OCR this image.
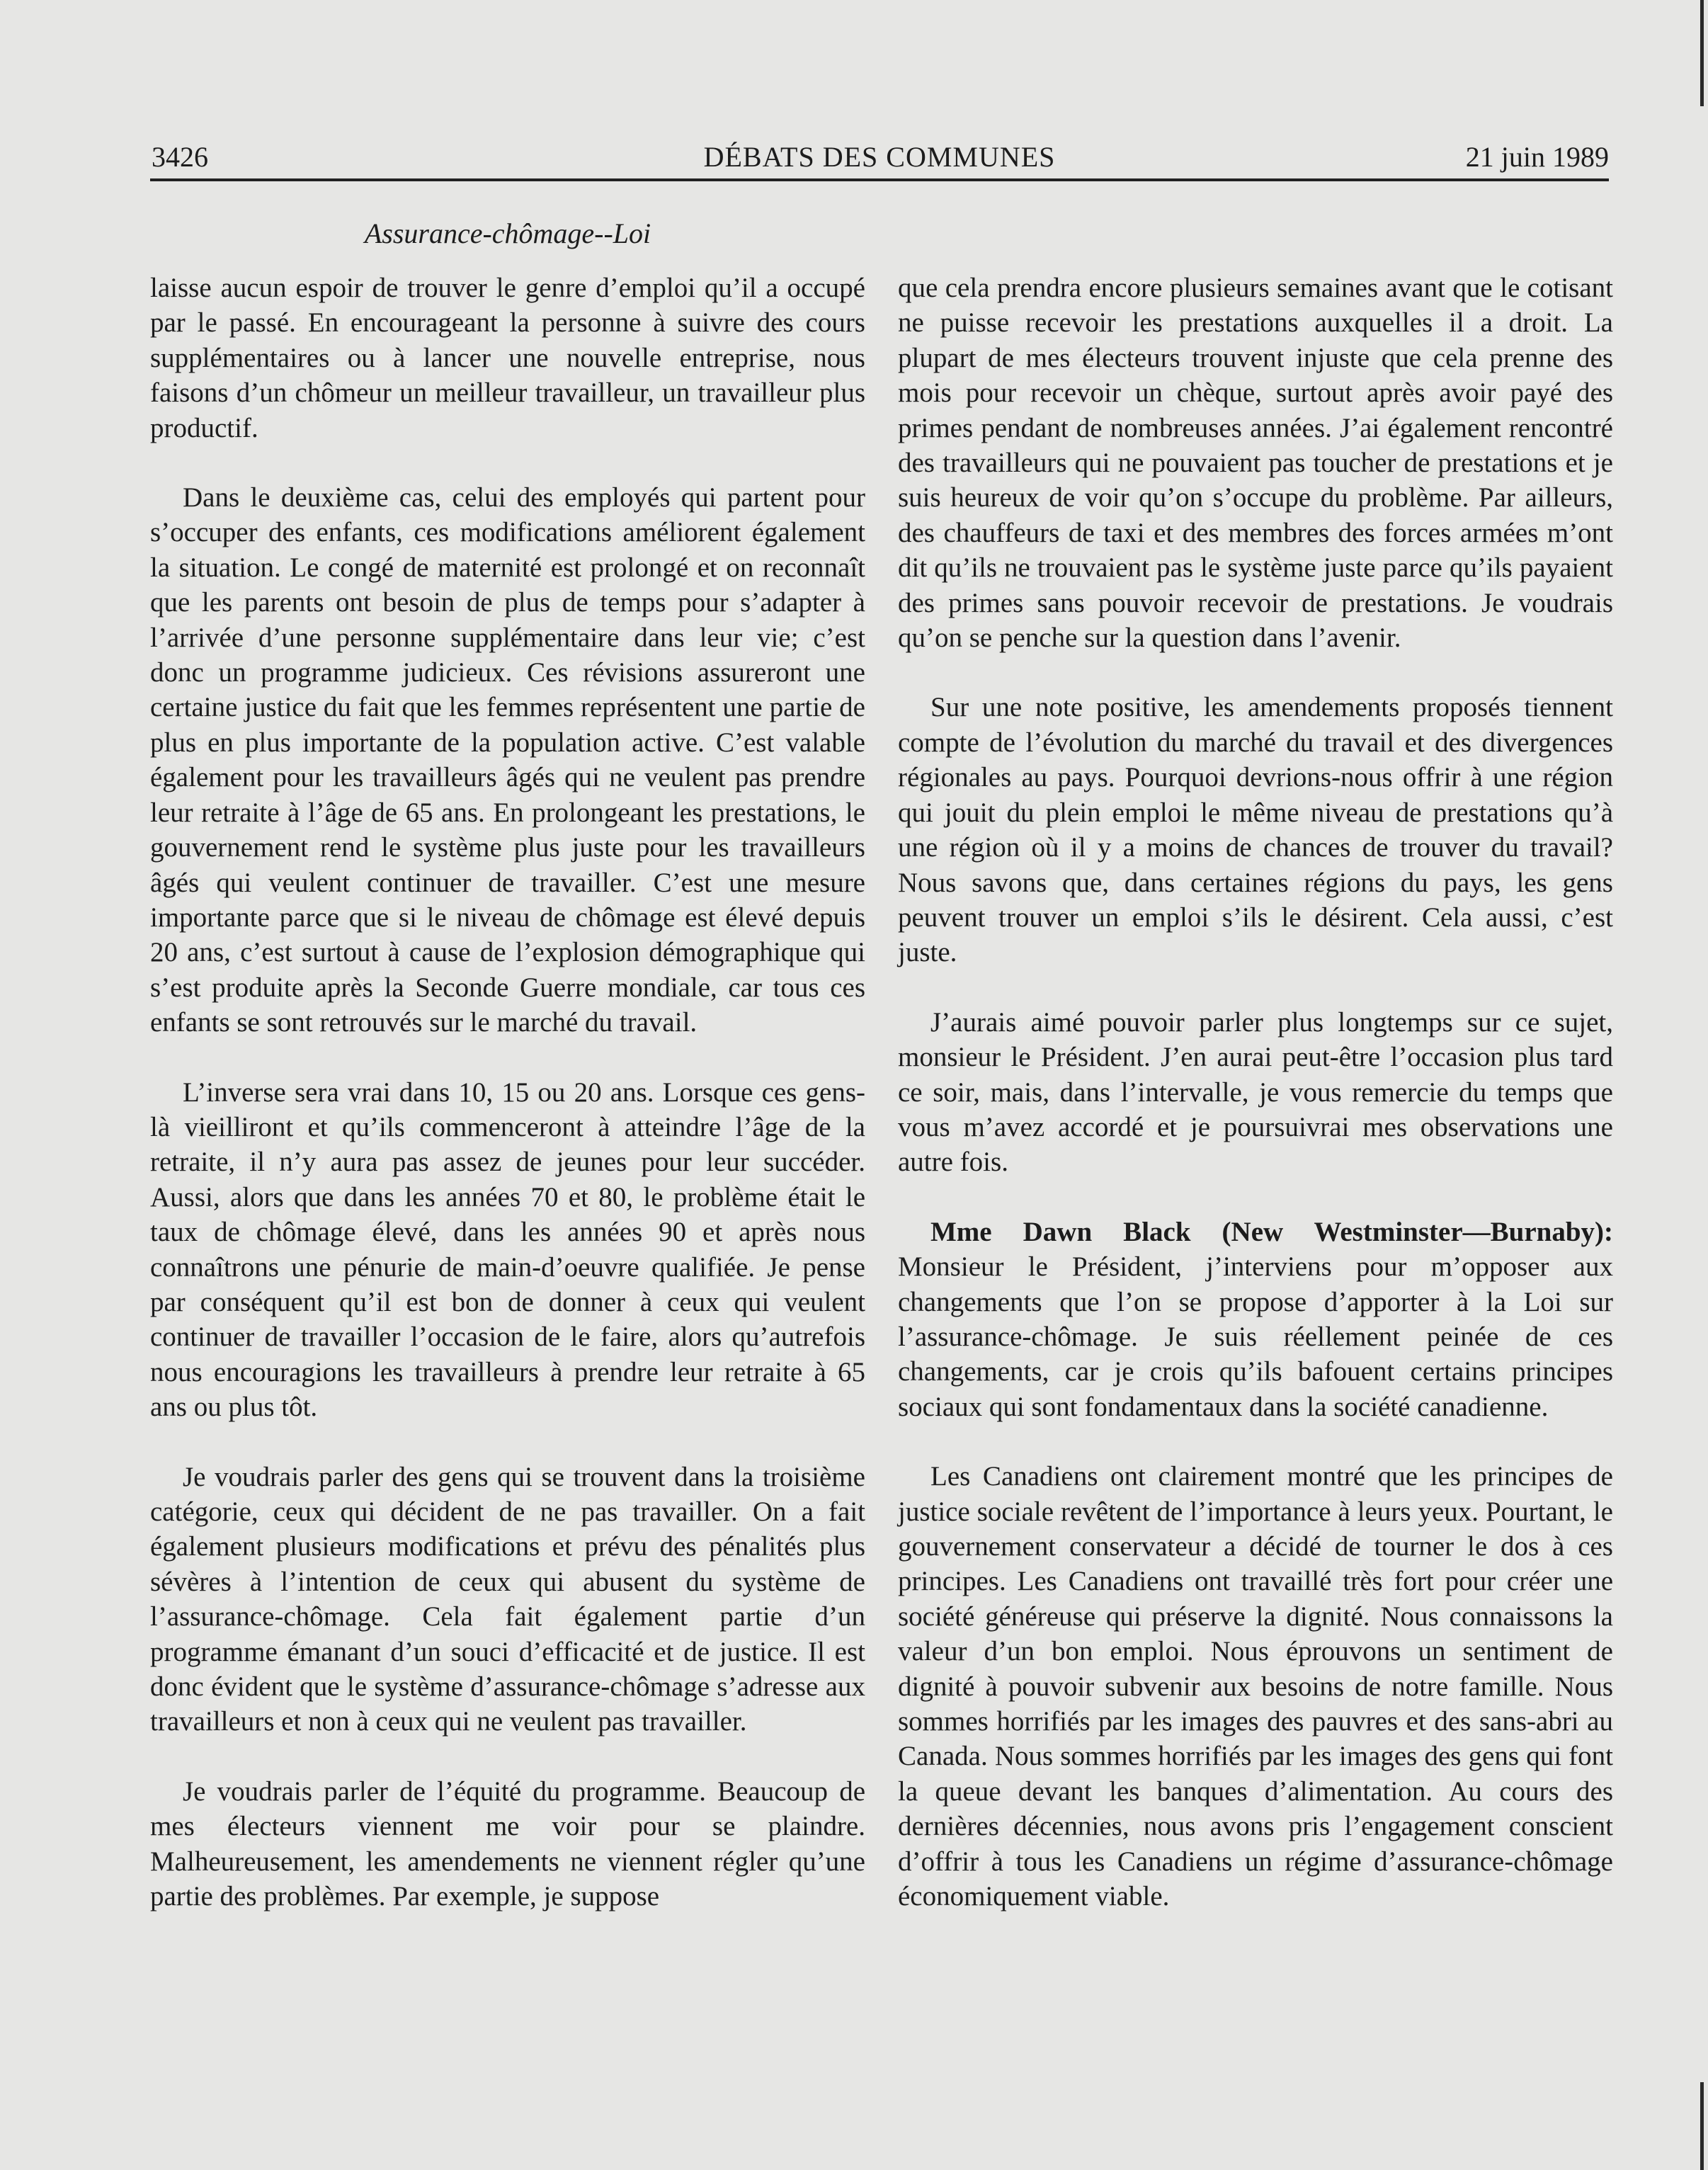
3426	DÉBATS DES COMMUNES	21 juin 1989
Assurance-chômage--Loi

laisse aucun espoir de trouver le genre d’emploi qu’il a occupé par le passé. En encourageant la personne à suivre des cours supplémentaires ou à lancer une nouvelle entreprise, nous faisons d’un chômeur un meilleur travailleur, un travailleur plus productif.

Dans le deuxième cas, celui des employés qui partent pour s’occuper des enfants, ces modifications améliorent également la situation. Le congé de maternité est prolongé et on reconnaît que les parents ont besoin de plus de temps pour s’adapter à l’arrivée d’une personne supplémentaire dans leur vie; c’est donc un programme judicieux. Ces révisions assureront une certaine justice du fait que les femmes représentent une partie de plus en plus importante de la population active. C’est valable également pour les travailleurs âgés qui ne veulent pas prendre leur retraite à l’âge de 65 ans. En prolongeant les prestations, le gouvernement rend le système plus juste pour les travailleurs âgés qui veulent continuer de travailler. C’est une mesure importante parce que si le niveau de chômage est élevé depuis 20 ans, c’est surtout à cause de l’explosion démographique qui s’est produite après la Seconde Guerre mondiale, car tous ces enfants se sont retrouvés sur le marché du travail.

L’inverse sera vrai dans 10, 15 ou 20 ans. Lorsque ces gens-là vieilliront et qu’ils commenceront à atteindre l’âge de la retraite, il n’y aura pas assez de jeunes pour leur succéder. Aussi, alors que dans les années 70 et 80, le problème était le taux de chômage élevé, dans les années 90 et après nous connaîtrons une pénurie de main-d’oeuvre qualifiée. Je pense par conséquent qu’il est bon de donner à ceux qui veulent continuer de travailler l’occasion de le faire, alors qu’autrefois nous encouragions les travailleurs à prendre leur retraite à 65 ans ou plus tôt.

Je voudrais parler des gens qui se trouvent dans la troisième catégorie, ceux qui décident de ne pas travailler. On a fait également plusieurs modifications et prévu des pénalités plus sévères à l’intention de ceux qui abusent du système de l’assurance-chômage. Cela fait également partie d’un programme émanant d’un souci d’efficacité et de justice. Il est donc évident que le système d’assurance-chômage s’adresse aux travailleurs et non à ceux qui ne veulent pas travailler.

Je voudrais parler de l’équité du programme. Beaucoup de mes électeurs viennent me voir pour se plaindre. Malheureusement, les amendements ne viennent régler qu’une partie des problèmes. Par exemple, je suppose

que cela prendra encore plusieurs semaines avant que le cotisant ne puisse recevoir les prestations auxquelles il a droit. La plupart de mes électeurs trouvent injuste que cela prenne des mois pour recevoir un chèque, surtout après avoir payé des primes pendant de nombreuses années. J’ai également rencontré des travailleurs qui ne pouvaient pas toucher de prestations et je suis heureux de voir qu’on s’occupe du problème. Par ailleurs, des chauffeurs de taxi et des membres des forces armées m’ont dit qu’ils ne trouvaient pas le système juste parce qu’ils payaient des primes sans pouvoir recevoir de prestations. Je voudrais qu’on se penche sur la question dans l’avenir.

Sur une note positive, les amendements proposés tiennent compte de l’évolution du marché du travail et des divergences régionales au pays. Pourquoi devrions-nous offrir à une région qui jouit du plein emploi le même niveau de prestations qu’à une région où il y a moins de chances de trouver du travail? Nous savons que, dans certaines régions du pays, les gens peuvent trouver un emploi s’ils le désirent. Cela aussi, c’est juste.

J’aurais aimé pouvoir parler plus longtemps sur ce sujet, monsieur le Président. J’en aurai peut-être l’occasion plus tard ce soir, mais, dans l’intervalle, je vous remercie du temps que vous m’avez accordé et je poursuivrai mes observations une autre fois.

Mme Dawn Black (New Westminster—Burnaby): Monsieur le Président, j’interviens pour m’opposer aux changements que l’on se propose d’apporter à la Loi sur l’assurance-chômage. Je suis réellement peinée de ces changements, car je crois qu’ils bafouent certains principes sociaux qui sont fondamentaux dans la société canadienne.

Les Canadiens ont clairement montré que les principes de justice sociale revêtent de l’importance à leurs yeux. Pourtant, le gouvernement conservateur a décidé de tourner le dos à ces principes. Les Canadiens ont travaillé très fort pour créer une société généreuse qui préserve la dignité. Nous connaissons la valeur d’un bon emploi. Nous éprouvons un sentiment de dignité à pouvoir subvenir aux besoins de notre famille. Nous sommes horrifiés par les images des pauvres et des sans-abri au Canada. Nous sommes horrifiés par les images des gens qui font la queue devant les banques d’alimentation. Au cours des dernières décennies, nous avons pris l’engagement conscient d’offrir à tous les Canadiens un régime d’assurance-chômage économiquement viable.
